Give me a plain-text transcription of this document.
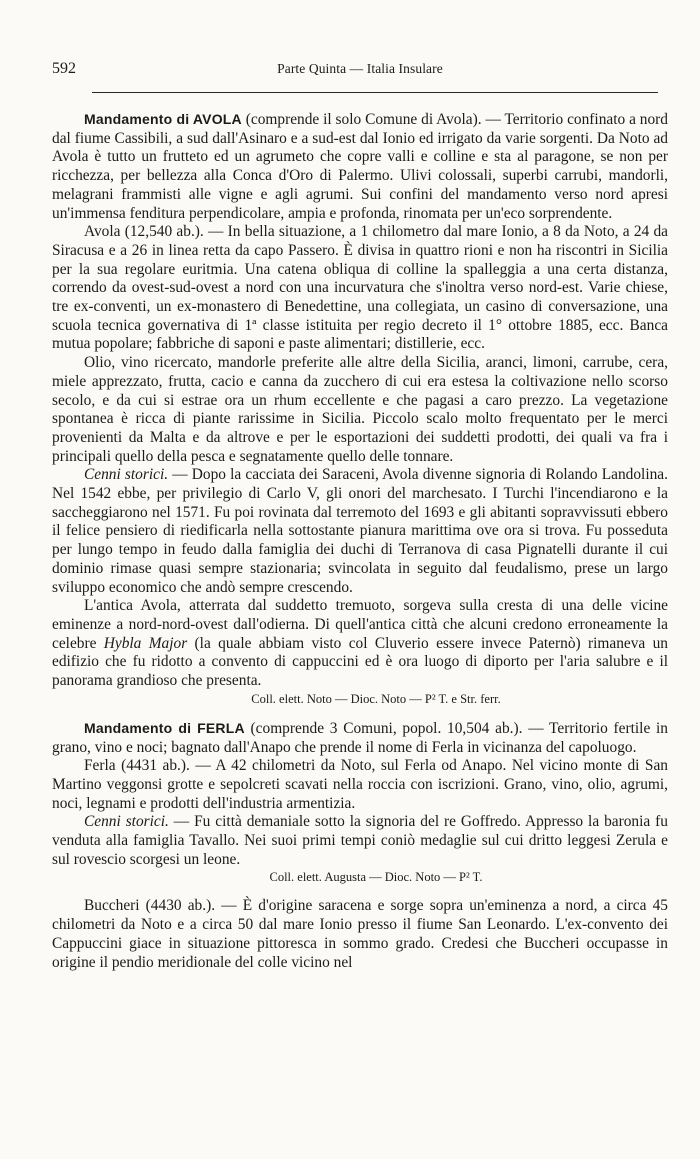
592	Parte Quinta — Italia Insulare

Mandamento di AVOLA (comprende il solo Comune di Avola). — Territorio confinato a nord dal fiume Cassibili, a sud dall'Asinaro e a sud-est dal Ionio ed irrigato da varie sorgenti. Da Noto ad Avola è tutto un frutteto ed un agrumeto che copre valli e colline e sta al paragone, se non per ricchezza, per bellezza alla Conca d'Oro di Palermo. Ulivi colossali, superbi carrubi, mandorli, melagrani frammisti alle vigne e agli agrumi. Sui confini del mandamento verso nord apresi un'immensa fenditura perpendicolare, ampia e profonda, rinomata per un'eco sorprendente.

Avola (12,540 ab.). — In bella situazione, a 1 chilometro dal mare Ionio, a 8 da Noto, a 24 da Siracusa e a 26 in linea retta da capo Passero. È divisa in quattro rioni e non ha riscontri in Sicilia per la sua regolare euritmia. Una catena obliqua di colline la spalleggia a una certa distanza, correndo da ovest-sud-ovest a nord con una incurvatura che s'inoltra verso nord-est. Varie chiese, tre ex-conventi, un ex-monastero di Benedettine, una collegiata, un casino di conversazione, una scuola tecnica governativa di 1ª classe istituita per regio decreto il 1° ottobre 1885, ecc. Banca mutua popolare; fabbriche di saponi e paste alimentari; distillerie, ecc.

Olio, vino ricercato, mandorle preferite alle altre della Sicilia, aranci, limoni, carrube, cera, miele apprezzato, frutta, cacio e canna da zucchero di cui era estesa la coltivazione nello scorso secolo, e da cui si estrae ora un rhum eccellente e che pagasi a caro prezzo. La vegetazione spontanea è ricca di piante rarissime in Sicilia. Piccolo scalo molto frequentato per le merci provenienti da Malta e da altrove e per le esportazioni dei suddetti prodotti, dei quali va fra i principali quello della pesca e segnatamente quello delle tonnare.

Cenni storici. — Dopo la cacciata dei Saraceni, Avola divenne signoria di Rolando Landolina. Nel 1542 ebbe, per privilegio di Carlo V, gli onori del marchesato. I Turchi l'incendiarono e la saccheggiarono nel 1571. Fu poi rovinata dal terremoto del 1693 e gli abitanti sopravvissuti ebbero il felice pensiero di riedificarla nella sottostante pianura marittima ove ora si trova. Fu posseduta per lungo tempo in feudo dalla famiglia dei duchi di Terranova di casa Pignatelli durante il cui dominio rimase quasi sempre stazionaria; svincolata in seguito dal feudalismo, prese un largo sviluppo economico che andò sempre crescendo.

L'antica Avola, atterrata dal suddetto tremuoto, sorgeva sulla cresta di una delle vicine eminenze a nord-nord-ovest dall'odierna. Di quell'antica città che alcuni credono erroneamente la celebre Hybla Major (la quale abbiam visto col Cluverio essere invece Paternò) rimaneva un edifizio che fu ridotto a convento di cappuccini ed è ora luogo di diporto per l'aria salubre e il panorama grandioso che presenta.

Coll. elett. Noto — Dioc. Noto — P² T. e Str. ferr.

Mandamento di FERLA (comprende 3 Comuni, popol. 10,504 ab.). — Territorio fertile in grano, vino e noci; bagnato dall'Anapo che prende il nome di Ferla in vicinanza del capoluogo.

Ferla (4431 ab.). — A 42 chilometri da Noto, sul Ferla od Anapo. Nel vicino monte di San Martino veggonsi grotte e sepolcreti scavati nella roccia con iscrizioni. Grano, vino, olio, agrumi, noci, legnami e prodotti dell'industria armentizia.

Cenni storici. — Fu città demaniale sotto la signoria del re Goffredo. Appresso la baronia fu venduta alla famiglia Tavallo. Nei suoi primi tempi coniò medaglie sul cui dritto leggesi Zerula e sul rovescio scorgesi un leone.

Coll. elett. Augusta — Dioc. Noto — P² T.

Buccheri (4430 ab.). — È d'origine saracena e sorge sopra un'eminenza a nord, a circa 45 chilometri da Noto e a circa 50 dal mare Ionio presso il fiume San Leonardo. L'ex-convento dei Cappuccini giace in situazione pittoresca in sommo grado. Credesi che Buccheri occupasse in origine il pendio meridionale del colle vicino nel
